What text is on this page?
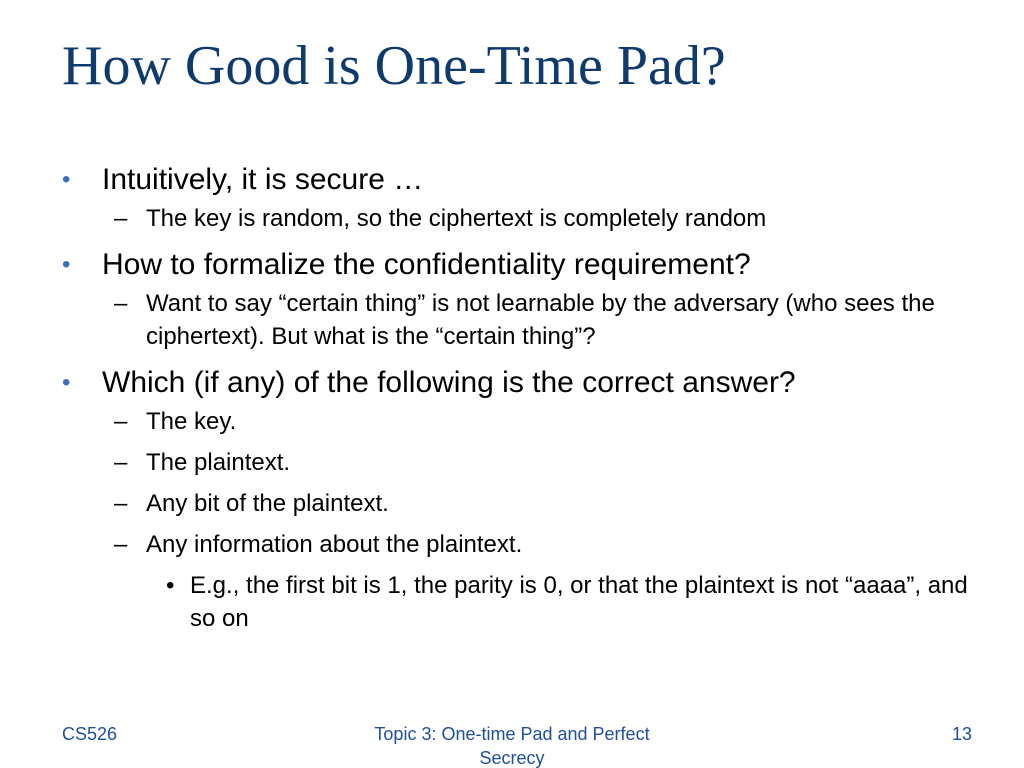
How Good is One-Time Pad?
•	Intuitively, it is secure …
– The key is random, so the ciphertext is completely random
•	How to formalize the confidentiality requirement?
– Want to say “certain thing” is not learnable by the adversary (who sees the ciphertext). But what is the “certain thing”?
•	Which (if any) of the following is the correct answer?
– The key.
– The plaintext.
– Any bit of the plaintext.
– Any information about the plaintext.
• E.g., the first bit is 1, the parity is 0, or that the plaintext is not “aaaa”, and so on
CS526	Topic 3: One-time Pad and Perfect Secrecy
13
